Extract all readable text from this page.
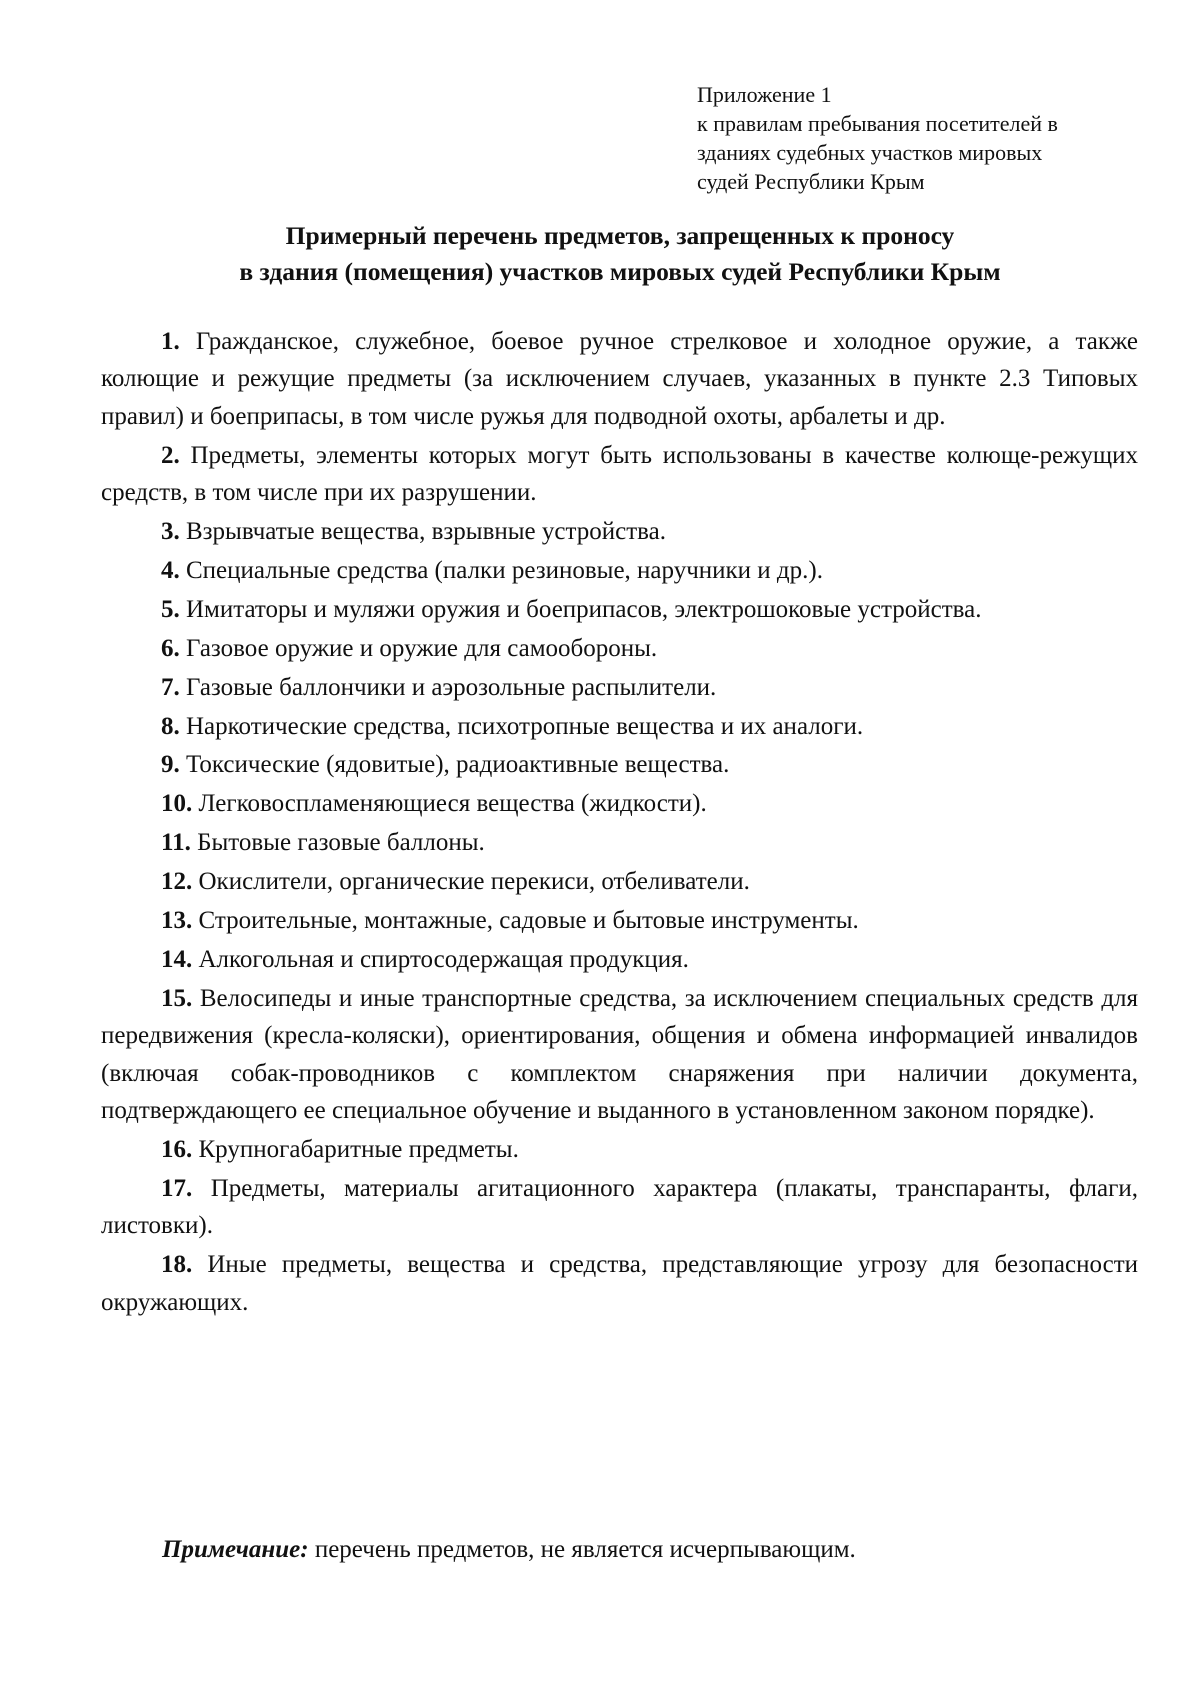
Приложение 1
к правилам пребывания посетителей в
зданиях судебных участков мировых
судей Республики Крым
Примерный перечень предметов, запрещенных к проносу
в здания (помещения) участков мировых судей Республики Крым
1. Гражданское, служебное, боевое ручное стрелковое и холодное оружие, а также колющие и режущие предметы (за исключением случаев, указанных в пункте 2.3 Типовых правил) и боеприпасы, в том числе ружья для подводной охоты, арбалеты и др.
2. Предметы, элементы которых могут быть использованы в качестве колюще-режущих средств, в том числе при их разрушении.
3. Взрывчатые вещества, взрывные устройства.
4. Специальные средства (палки резиновые, наручники и др.).
5. Имитаторы и муляжи оружия и боеприпасов, электрошоковые устройства.
6. Газовое оружие и оружие для самообороны.
7. Газовые баллончики и аэрозольные распылители.
8. Наркотические средства, психотропные вещества и их аналоги.
9. Токсические (ядовитые), радиоактивные вещества.
10. Легковоспламеняющиеся вещества (жидкости).
11. Бытовые газовые баллоны.
12. Окислители, органические перекиси, отбеливатели.
13. Строительные, монтажные, садовые и бытовые инструменты.
14. Алкогольная и спиртосодержащая продукция.
15. Велосипеды и иные транспортные средства, за исключением специальных средств для передвижения (кресла-коляски), ориентирования, общения и обмена информацией инвалидов (включая собак-проводников с комплектом снаряжения при наличии документа, подтверждающего ее специальное обучение и выданного в установленном законом порядке).
16. Крупногабаритные предметы.
17. Предметы, материалы агитационного характера (плакаты, транспаранты, флаги, листовки).
18. Иные предметы, вещества и средства, представляющие угрозу для безопасности окружающих.
Примечание: перечень предметов, не является исчерпывающим.
